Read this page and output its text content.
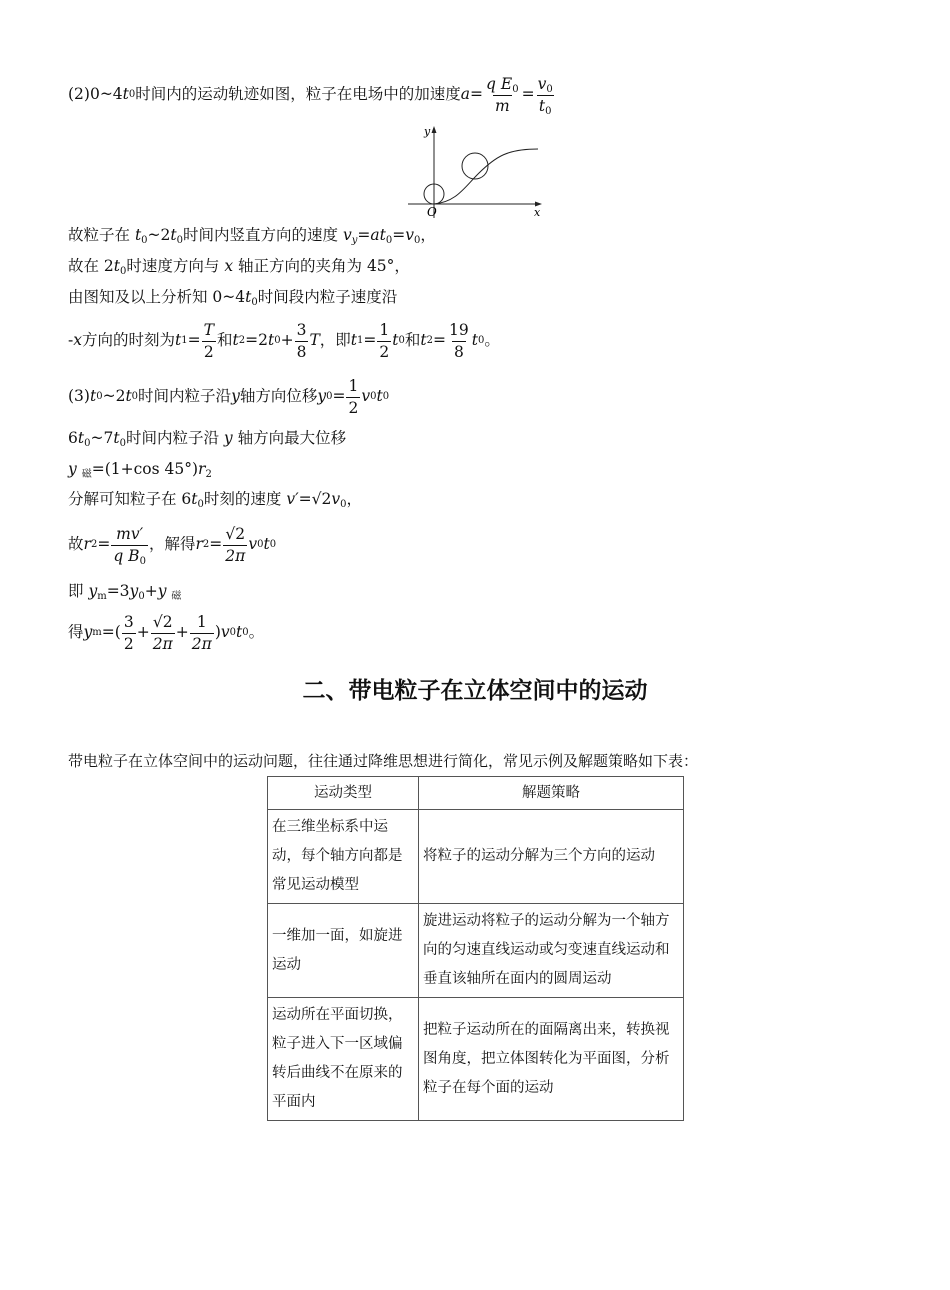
(2)0~4 t 0 时间内的运动轨迹如图，粒子在电场中的加速度 $a = \frac{q E_0}{m} = \frac{v_0}{t_0}$
y
x
O
故粒子在 $t_0\sim 2t_0$时间内竖直方向的速度 $v_y=at_0=v_0$，
故在 $2t_0$时速度方向与 x 轴正方向的夹角为 45°，
由图知及以上分析知 $0\sim 4t_0$时间段内粒子速度沿
- x 方向的时刻为 t $1 = \frac{T}{2}$ 和 t 2 =2 t $0 + \frac{3}{8}$ T ，即 t $1 = \frac{1}{2}$ t 0 和 t $2 = \frac{19}{8}$ t 0 。
(3) t 0 ~2 t 0 时间内粒子沿 y 轴方向位移 y $0 = \frac{1}{2}$ v 0 t 0
$6t_0\sim 7t_0$时间内粒子沿 y 轴方向最大位移
y $_磁$=(1+cos $45^\circ)r_2$
分解可知粒子在 $6t_0$时刻的速度 $v'=√2v_0$，
故 r $2 = \frac{mv'}{q B_0}$ ，解得 r $2 = \frac{√2}{2\pi}$ v 0 t 0
即 $y_m=3y_0+y$ $_磁$
得 y m =( $\frac{3}{2} + \frac{√2}{2\pi} + \frac{1}{2\pi}$ ) v 0 t 0 。
二、带电粒子在立体空间中的运动
带电粒子在立体空间中的运动问题，往往通过降维思想进行简化，常见示例及解题策略如下表：
运动类型	解题策略
在三维坐标系中运动，每个轴方向都是常见运动模型	将粒子的运动分解为三个方向的运动
一维加一面，如旋进运动	旋进运动将粒子的运动分解为一个轴方向的匀速直线运动或匀变速直线运动和垂直该轴所在面内的圆周运动
运动所在平面切换，粒子进入下一区域偏转后曲线不在原来的平面内	把粒子运动所在的面隔离出来，转换视图角度，把立体图转化为平面图，分析粒子在每个面的运动
